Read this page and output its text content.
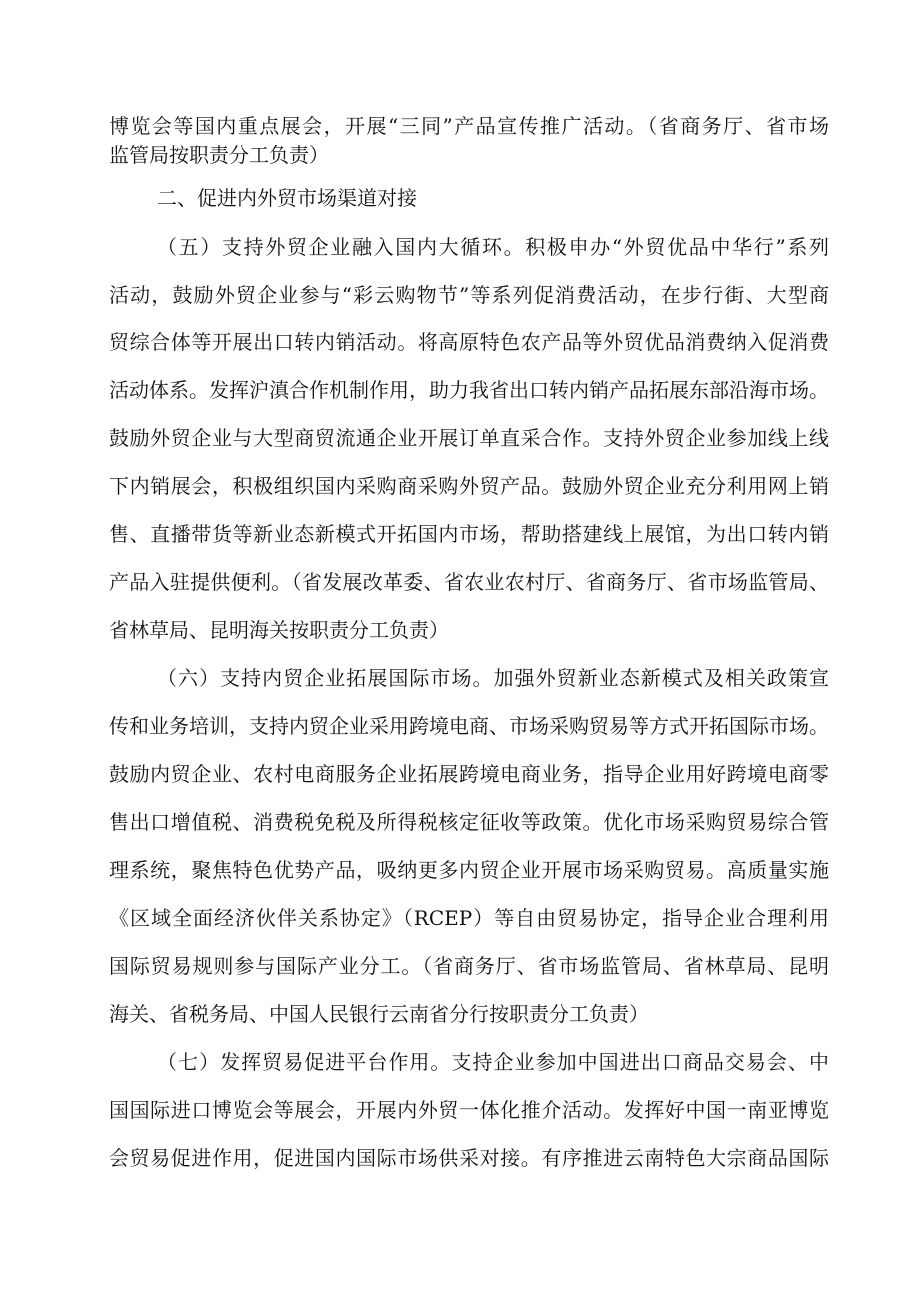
博览会等国内重点展会，开展“三同”产品宣传推广活动。（省商务厅、省市场
监管局按职责分工负责）
二、促进内外贸市场渠道对接
（五）支持外贸企业融入国内大循环。积极申办“外贸优品中华行”系列
活动，鼓励外贸企业参与“彩云购物节”等系列促消费活动，在步行街、大型商
贸综合体等开展出口转内销活动。将高原特色农产品等外贸优品消费纳入促消费
活动体系。发挥沪滇合作机制作用，助力我省出口转内销产品拓展东部沿海市场。
鼓励外贸企业与大型商贸流通企业开展订单直采合作。支持外贸企业参加线上线
下内销展会，积极组织国内采购商采购外贸产品。鼓励外贸企业充分利用网上销
售、直播带货等新业态新模式开拓国内市场，帮助搭建线上展馆，为出口转内销
产品入驻提供便利。（省发展改革委、省农业农村厅、省商务厅、省市场监管局、
省林草局、昆明海关按职责分工负责）
（六）支持内贸企业拓展国际市场。加强外贸新业态新模式及相关政策宣
传和业务培训，支持内贸企业采用跨境电商、市场采购贸易等方式开拓国际市场。
鼓励内贸企业、农村电商服务企业拓展跨境电商业务，指导企业用好跨境电商零
售出口增值税、消费税免税及所得税核定征收等政策。优化市场采购贸易综合管
理系统，聚焦特色优势产品，吸纳更多内贸企业开展市场采购贸易。高质量实施
《区域全面经济伙伴关系协定》（RCEP）等自由贸易协定，指导企业合理利用
国际贸易规则参与国际产业分工。（省商务厅、省市场监管局、省林草局、昆明
海关、省税务局、中国人民银行云南省分行按职责分工负责）
（七）发挥贸易促进平台作用。支持企业参加中国进出口商品交易会、中
国国际进口博览会等展会，开展内外贸一体化推介活动。发挥好中国一南亚博览
会贸易促进作用，促进国内国际市场供采对接。有序推进云南特色大宗商品国际
